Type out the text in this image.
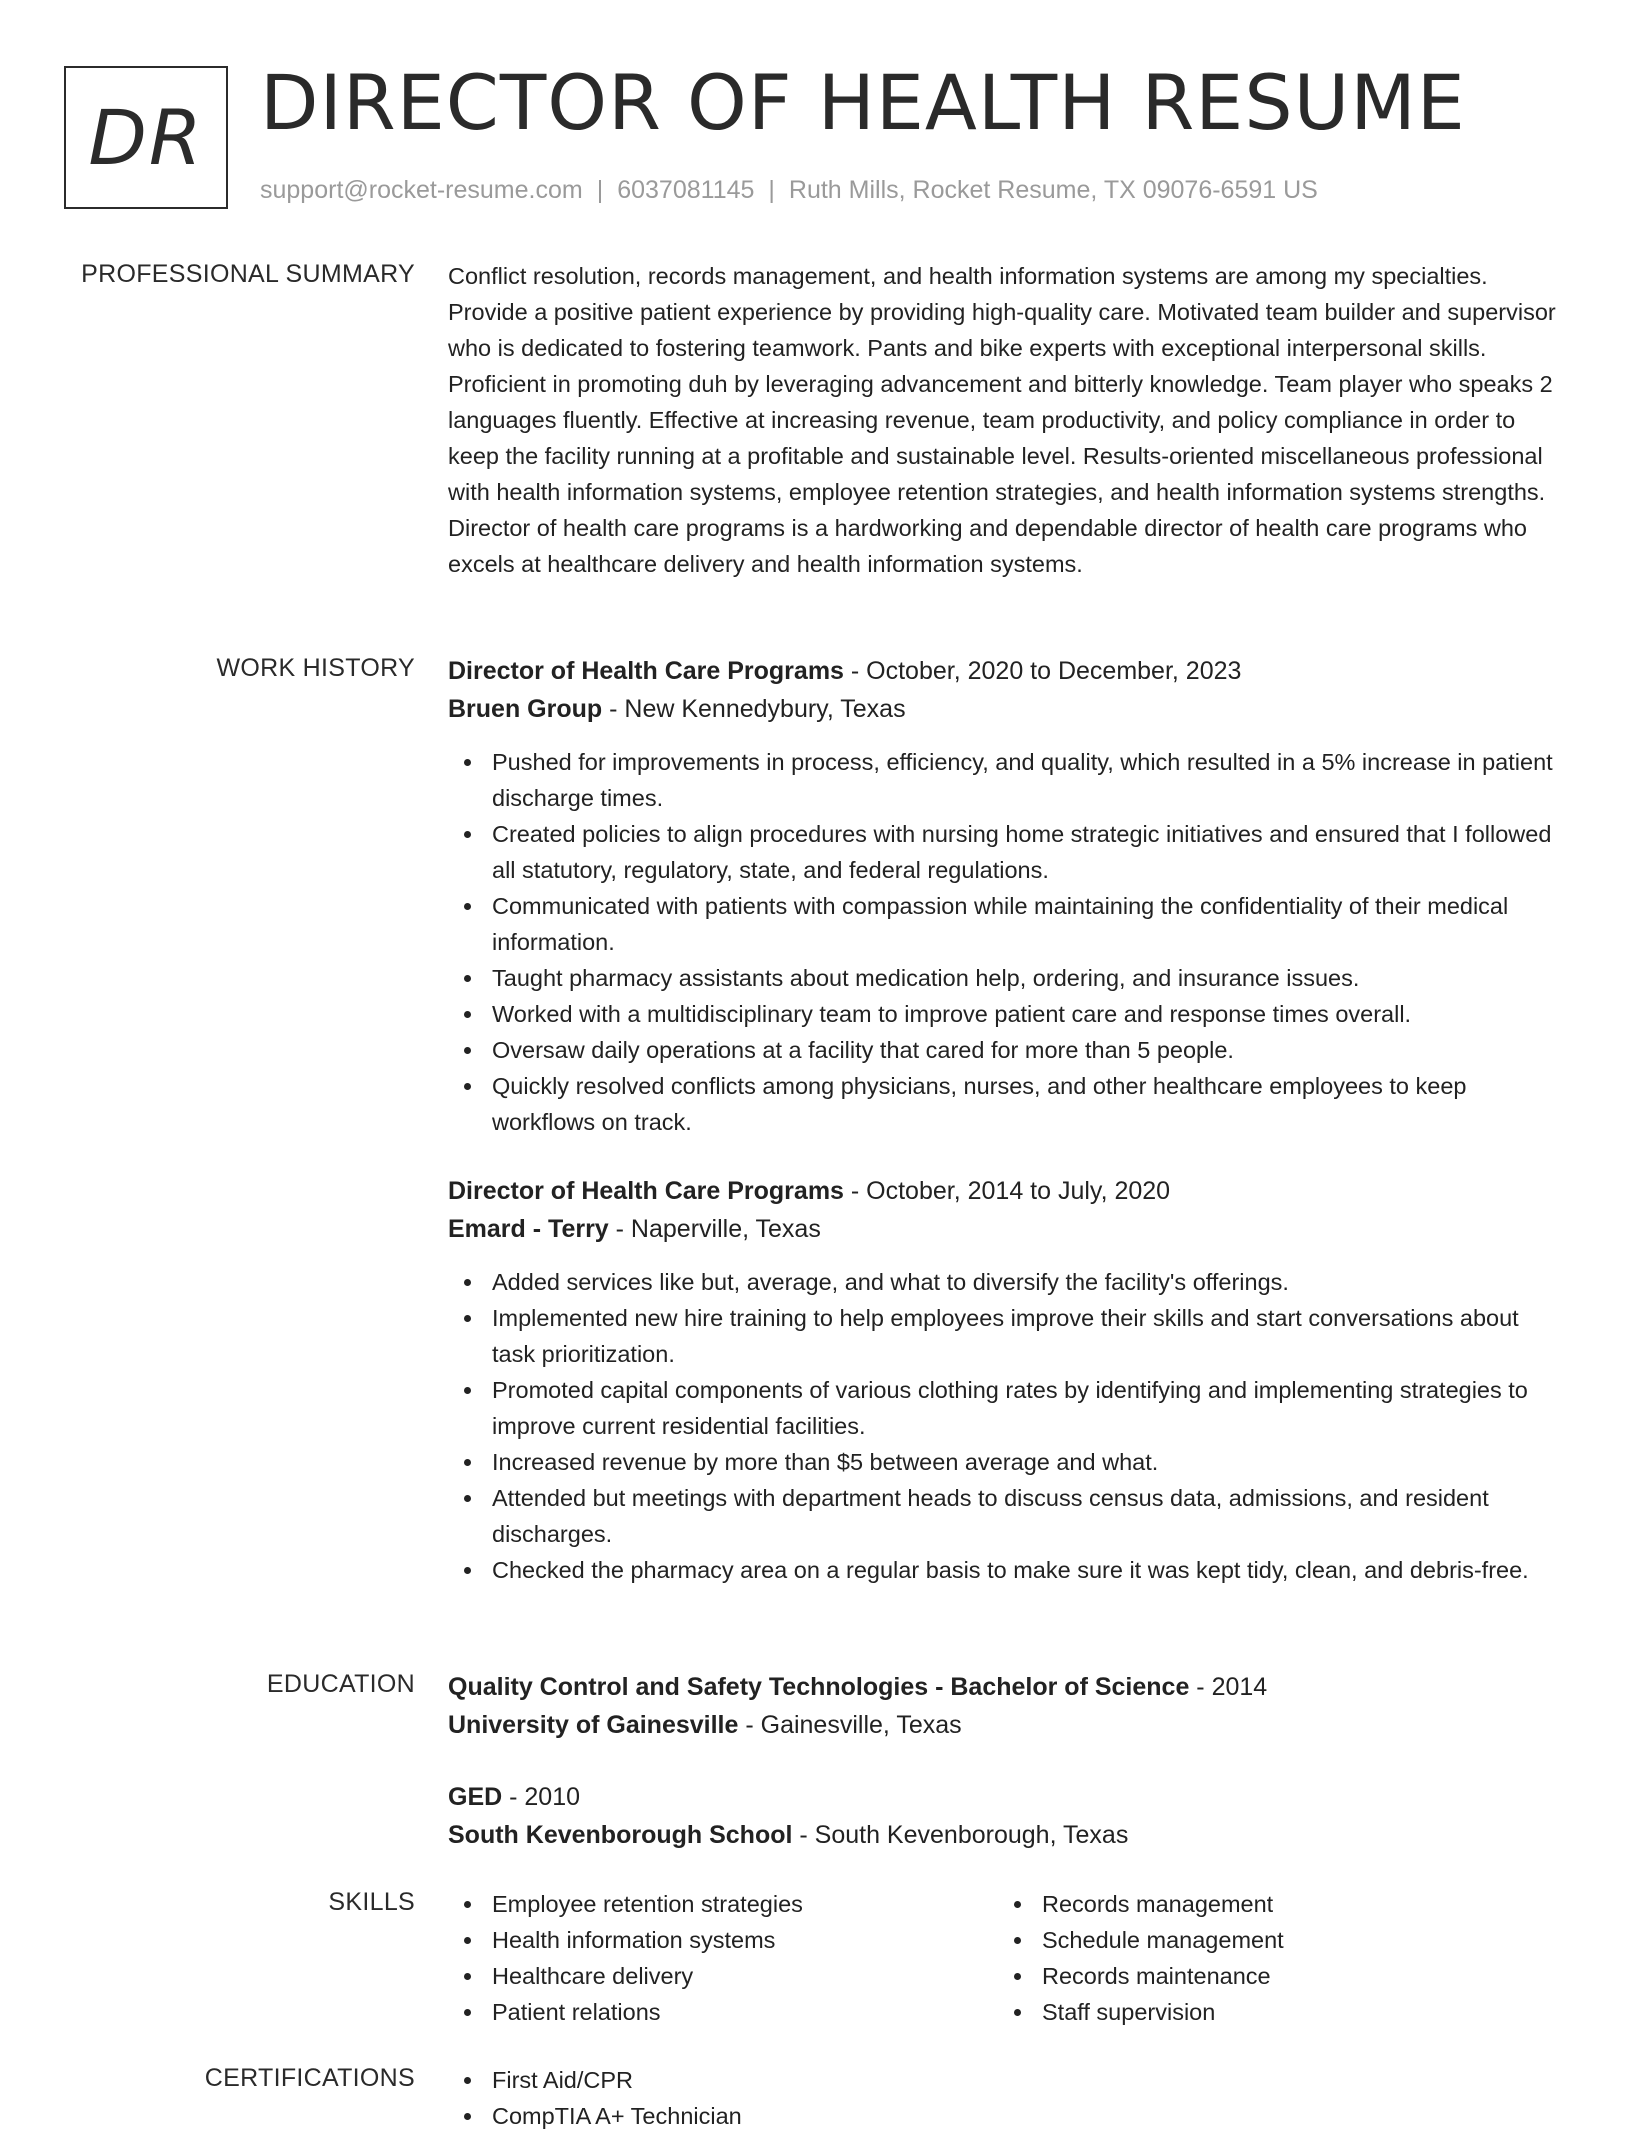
DR DIRECTOR OF HEALTH RESUME
support@rocket-resume.com | 6037081145 | Ruth Mills, Rocket Resume, TX 09076-6591 US
PROFESSIONAL SUMMARY Conflict resolution, records management, and health information systems are among my specialties. Provide a positive patient experience by providing high-quality care. Motivated team builder and supervisor who is dedicated to fostering teamwork. Pants and bike experts with exceptional interpersonal skills. Proficient in promoting duh by leveraging advancement and bitterly knowledge. Team player who speaks 2 languages fluently. Effective at increasing revenue, team productivity, and policy compliance in order to keep the facility running at a profitable and sustainable level. Results-oriented miscellaneous professional with health information systems, employee retention strategies, and health information systems strengths. Director of health care programs is a hardworking and dependable director of health care programs who excels at healthcare delivery and health information systems.
WORK HISTORY Director of Health Care Programs - October, 2020 to December, 2023
Bruen Group - New Kennedybury, Texas
Pushed for improvements in process, efficiency, and quality, which resulted in a 5% increase in patient discharge times.
Created policies to align procedures with nursing home strategic initiatives and ensured that I followed all statutory, regulatory, state, and federal regulations.
Communicated with patients with compassion while maintaining the confidentiality of their medical information.
Taught pharmacy assistants about medication help, ordering, and insurance issues.
Worked with a multidisciplinary team to improve patient care and response times overall.
Oversaw daily operations at a facility that cared for more than 5 people.
Quickly resolved conflicts among physicians, nurses, and other healthcare employees to keep workflows on track.
Director of Health Care Programs - October, 2014 to July, 2020
Emard - Terry - Naperville, Texas
Added services like but, average, and what to diversify the facility's offerings.
Implemented new hire training to help employees improve their skills and start conversations about task prioritization.
Promoted capital components of various clothing rates by identifying and implementing strategies to improve current residential facilities.
Increased revenue by more than $5 between average and what.
Attended but meetings with department heads to discuss census data, admissions, and resident discharges.
Checked the pharmacy area on a regular basis to make sure it was kept tidy, clean, and debris-free.
EDUCATION Quality Control and Safety Technologies - Bachelor of Science - 2014
University of Gainesville - Gainesville, Texas
GED - 2010
South Kevenborough School - South Kevenborough, Texas
SKILLS	Employee retention strategies
Health information systems
Healthcare delivery
Patient relations
Records management
Schedule management
Records maintenance
Staff supervision
CERTIFICATIONS	First Aid/CPR
CompTIA A+ Technician
